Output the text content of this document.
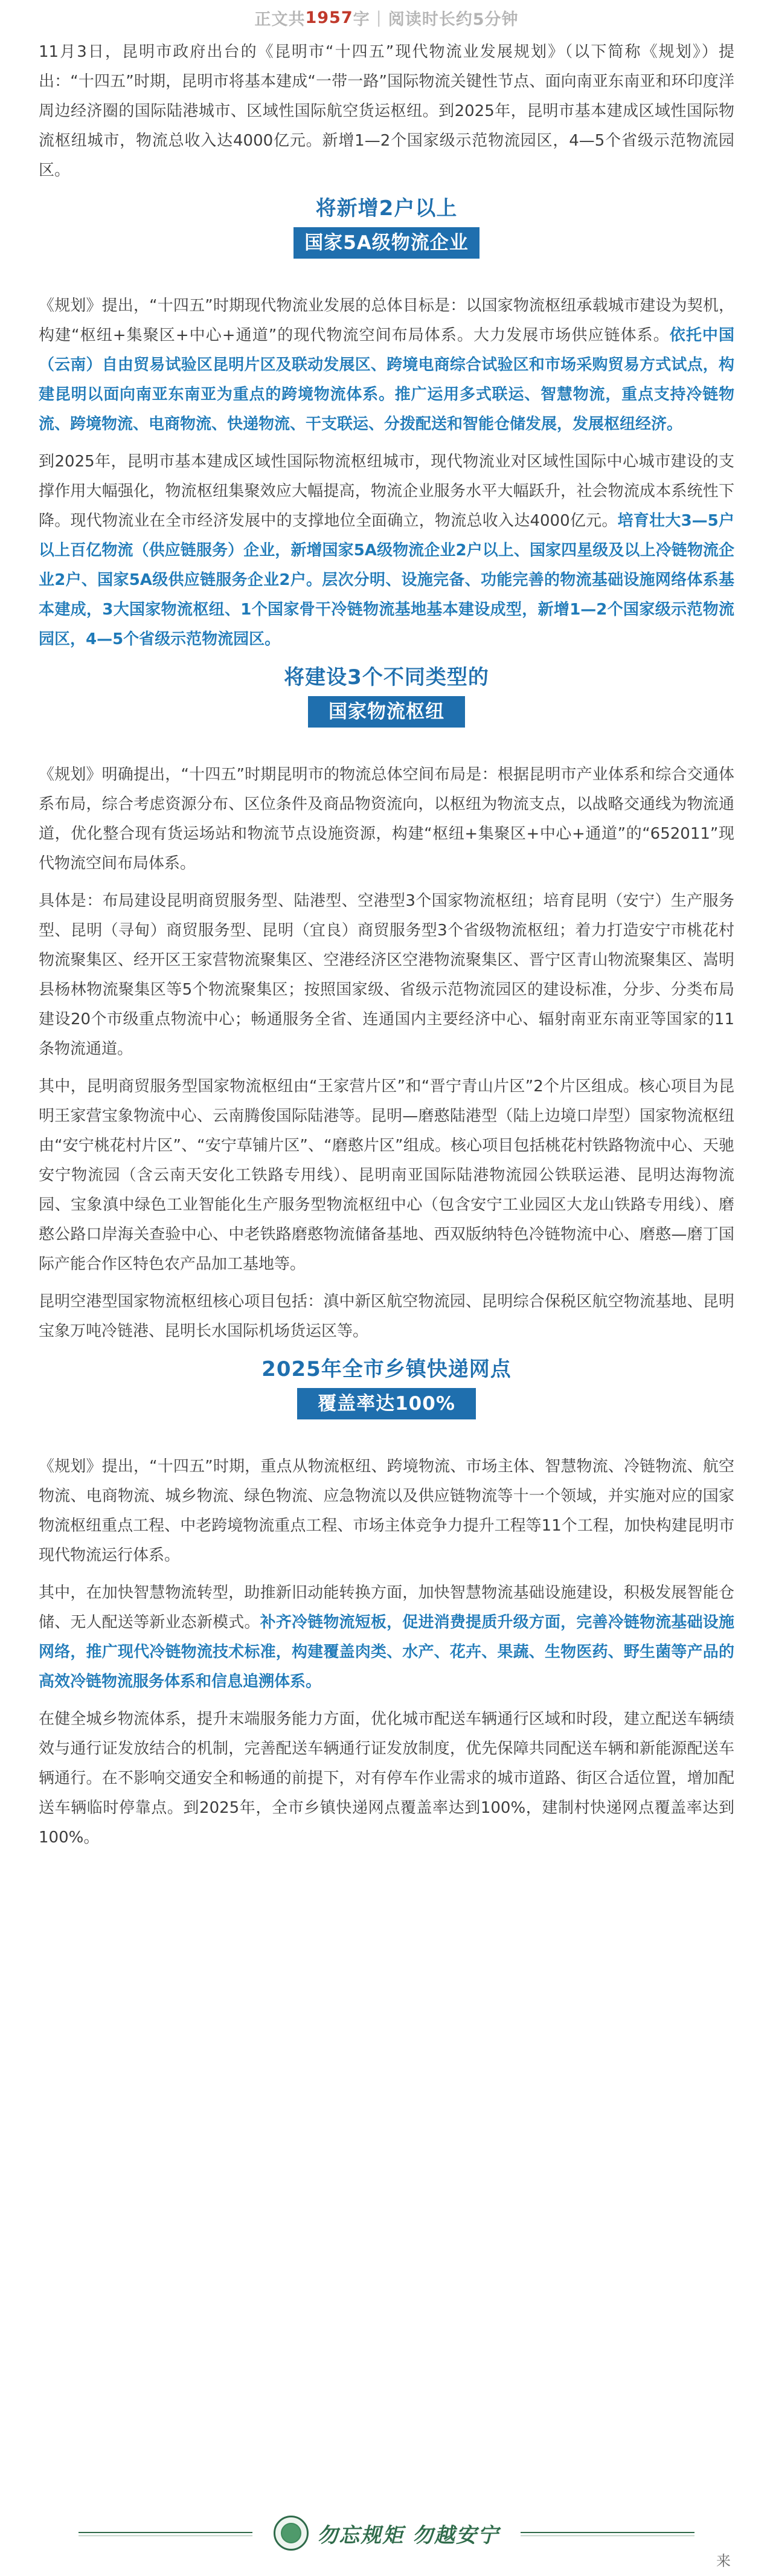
正文共 1957 字 | 阅读时长约5分钟

11月3日，昆明市政府出台的《昆明市“十四五”现代物流业发展规划》（以下简称《规划》）提出：“十四五”时期，昆明市将基本建成“一带一路”国际物流关键性节点、面向南亚东南亚和环印度洋周边经济圈的国际陆港城市、区域性国际航空货运枢纽。到2025年，昆明市基本建成区域性国际物流枢纽城市，物流总收入达4000亿元。新增1—2个国家级示范物流园区，4—5个省级示范物流园区。

将新增2户以上
国家5A级物流企业

《规划》提出，“十四五”时期现代物流业发展的总体目标是：以国家物流枢纽承载城市建设为契机，构建“枢纽+集聚区+中心+通道”的现代物流空间布局体系。大力发展市场供应链体系。依托中国（云南）自由贸易试验区昆明片区及联动发展区、跨境电商综合试验区和市场采购贸易方式试点，构建昆明以面向南亚东南亚为重点的跨境物流体系。推广运用多式联运、智慧物流，重点支持冷链物流、跨境物流、电商物流、快递物流、干支联运、分拨配送和智能仓储发展，发展枢纽经济。

到2025年，昆明市基本建成区域性国际物流枢纽城市，现代物流业对区域性国际中心城市建设的支撑作用大幅强化，物流枢纽集聚效应大幅提高，物流企业服务水平大幅跃升，社会物流成本系统性下降。现代物流业在全市经济发展中的支撑地位全面确立，物流总收入达4000亿元。培育壮大3—5户以上百亿物流（供应链服务）企业，新增国家5A级物流企业2户以上、国家四星级及以上冷链物流企业2户、国家5A级供应链服务企业2户。层次分明、设施完备、功能完善的物流基础设施网络体系基本建成，3大国家物流枢纽、1个国家骨干冷链物流基地基本建设成型，新增1—2个国家级示范物流园区，4—5个省级示范物流园区。

将建设3个不同类型的
国家物流枢纽

《规划》明确提出，“十四五”时期昆明市的物流总体空间布局是：根据昆明市产业体系和综合交通体系布局，综合考虑资源分布、区位条件及商品物资流向，以枢纽为物流支点，以战略交通线为物流通道，优化整合现有货运场站和物流节点设施资源，构建“枢纽+集聚区+中心+通道”的“652011”现代物流空间布局体系。

具体是：布局建设昆明商贸服务型、陆港型、空港型3个国家物流枢纽；培育昆明（安宁）生产服务型、昆明（寻甸）商贸服务型、昆明（宜良）商贸服务型3个省级物流枢纽；着力打造安宁市桃花村物流聚集区、经开区王家营物流聚集区、空港经济区空港物流聚集区、晋宁区青山物流聚集区、嵩明县杨林物流聚集区等5个物流聚集区；按照国家级、省级示范物流园区的建设标准，分步、分类布局建设20个市级重点物流中心；畅通服务全省、连通国内主要经济中心、辐射南亚东南亚等国家的11条物流通道。

其中，昆明商贸服务型国家物流枢纽由“王家营片区”和“晋宁青山片区”2个片区组成。核心项目为昆明王家营宝象物流中心、云南腾俊国际陆港等。昆明—磨憨陆港型（陆上边境口岸型）国家物流枢纽由“安宁桃花村片区”、“安宁草铺片区”、“磨憨片区”组成。核心项目包括桃花村铁路物流中心、天驰安宁物流园（含云南天安化工铁路专用线）、昆明南亚国际陆港物流园公铁联运港、昆明达海物流园、宝象滇中绿色工业智能化生产服务型物流枢纽中心（包含安宁工业园区大龙山铁路专用线）、磨憨公路口岸海关查验中心、中老铁路磨憨物流储备基地、西双版纳特色冷链物流中心、磨憨—磨丁国际产能合作区特色农产品加工基地等。

昆明空港型国家物流枢纽核心项目包括：滇中新区航空物流园、昆明综合保税区航空物流基地、昆明宝象万吨冷链港、昆明长水国际机场货运区等。

2025年全市乡镇快递网点
覆盖率达100%

《规划》提出，“十四五”时期，重点从物流枢纽、跨境物流、市场主体、智慧物流、冷链物流、航空物流、电商物流、城乡物流、绿色物流、应急物流以及供应链物流等十一个领域，并实施对应的国家物流枢纽重点工程、中老跨境物流重点工程、市场主体竞争力提升工程等11个工程，加快构建昆明市现代物流运行体系。

其中，在加快智慧物流转型，助推新旧动能转换方面，加快智慧物流基础设施建设，积极发展智能仓储、无人配送等新业态新模式。补齐冷链物流短板，促进消费提质升级方面，完善冷链物流基础设施网络，推广现代冷链物流技术标准，构建覆盖肉类、水产、花卉、果蔬、生物医药、野生菌等产品的高效冷链物流服务体系和信息追溯体系。

在健全城乡物流体系，提升末端服务能力方面，优化城市配送车辆通行区域和时段，建立配送车辆绩效与通行证发放结合的机制，完善配送车辆通行证发放制度，优先保障共同配送车辆和新能源配送车辆通行。在不影响交通安全和畅通的前提下，对有停车作业需求的城市道路、街区合适位置，增加配送车辆临时停靠点。到2025年，全市乡镇快递网点覆盖率达到100%，建制村快递网点覆盖率达到100%。

勿忘规矩 勿越安宁
来
